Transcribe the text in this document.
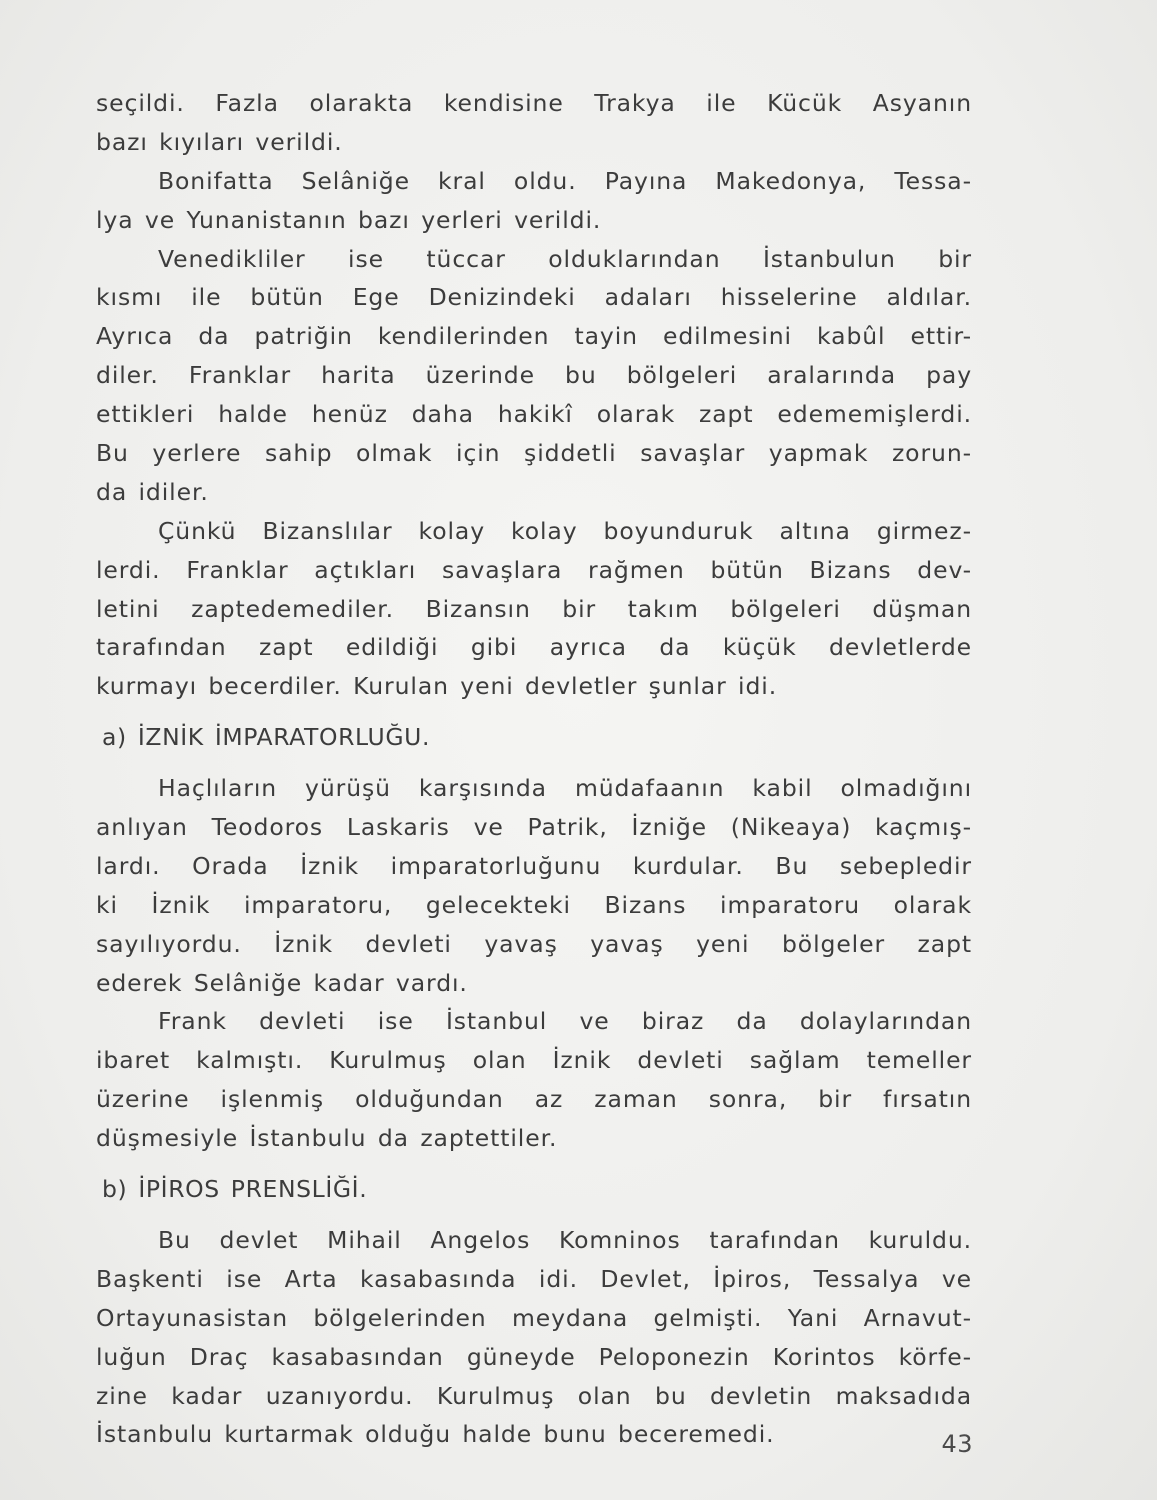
seçildi. Fazla olarakta kendisine Trakya ile Kücük Asyanın
bazı kıyıları verildi.
Bonifatta Selâniğe kral oldu. Payına Makedonya, Tessa-
lya ve Yunanistanın bazı yerleri verildi.
Venedikliler ise tüccar olduklarından İstanbulun bir
kısmı ile bütün Ege Denizindeki adaları hisselerine aldılar.
Ayrıca da patriğin kendilerinden tayin edilmesini kabûl ettir-
diler. Franklar harita üzerinde bu bölgeleri aralarında pay
ettikleri halde henüz daha hakikî olarak zapt edememişlerdi.
Bu yerlere sahip olmak için şiddetli savaşlar yapmak zorun-
da idiler.
Çünkü Bizanslılar kolay kolay boyunduruk altına girmez-
lerdi. Franklar açtıkları savaşlara rağmen bütün Bizans dev-
letini zaptedemediler. Bizansın bir takım bölgeleri düşman
tarafından zapt edildiği gibi ayrıca da küçük devletlerde
kurmayı becerdiler. Kurulan yeni devletler şunlar idi.
a) İZNİK İMPARATORLUĞU.
Haçlıların yürüşü karşısında müdafaanın kabil olmadığını
anlıyan Teodoros Laskaris ve Patrik, İzniğe (Nikeaya) kaçmış-
lardı. Orada İznik imparatorluğunu kurdular. Bu sebepledir
ki İznik imparatoru, gelecekteki Bizans imparatoru olarak
sayılıyordu. İznik devleti yavaş yavaş yeni bölgeler zapt
ederek Selâniğe kadar vardı.
Frank devleti ise İstanbul ve biraz da dolaylarından
ibaret kalmıştı. Kurulmuş olan İznik devleti sağlam temeller
üzerine işlenmiş olduğundan az zaman sonra, bir fırsatın
düşmesiyle İstanbulu da zaptettiler.
b) İPİROS PRENSLİĞİ.
Bu devlet Mihail Angelos Komninos tarafından kuruldu.
Başkenti ise Arta kasabasında idi. Devlet, İpiros, Tessalya ve
Ortayunasistan bölgelerinden meydana gelmişti. Yani Arnavut-
luğun Draç kasabasından güneyde Peloponezin Korintos körfe-
zine kadar uzanıyordu. Kurulmuş olan bu devletin maksadıda
İstanbulu kurtarmak olduğu halde bunu beceremedi.	43
